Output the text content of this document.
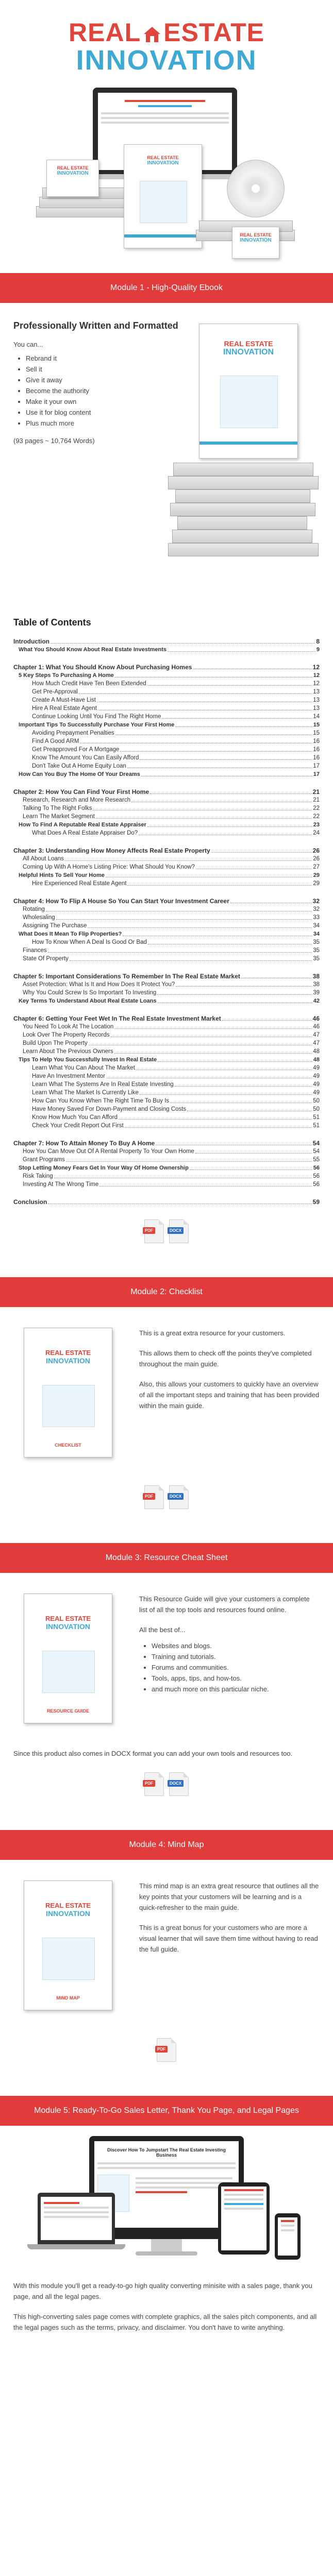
REAL ESTATE
INNOVATION
REAL ESTATE
INNOVATION
REAL ESTATE
INNOVATION
REAL ESTATE
INNOVATION
Module 1 - High-Quality Ebook
Professionally Written and Formatted
You can...
• Rebrand it
• Sell it
• Give it away
• Become the authority
• Make it your own
• Use it for blog content
• Plus much more
(93 pages ~ 10,764 Words)
REAL ESTATE
INNOVATION
Table of Contents
Introduction	8
What You Should Know About Real Estate Investments	9
Chapter 1: What You Should Know About Purchasing Homes	12
5 Key Steps To Purchasing A Home	12
How Much Credit Have Ten Been Extended	12
Get Pre-Approval	13
Create A Must-Have List	13
Hire A Real Estate Agent	13
Continue Looking Until You Find The Right Home	14
Important Tips To Successfully Purchase Your First Home	15
Avoiding Prepayment Penalties	15
Find A Good ARM	16
Get Preapproved For A Mortgage	16
Know The Amount You Can Easily Afford	16
Don't Take Out A Home Equity Loan	17
How Can You Buy The Home Of Your Dreams	17
Chapter 2: How You Can Find Your First Home	21
Research, Research and More Research	21
Talking To The Right Folks	22
Learn The Market Segment	22
How To Find A Reputable Real Estate Appraiser	23
What Does A Real Estate Appraiser Do?	24
Chapter 3: Understanding How Money Affects Real Estate Property	26
All About Loans	26
Coming Up With A Home's Listing Price: What Should You Know?	27
Helpful Hints To Sell Your Home	29
Hire Experienced Real Estate Agent	29
Chapter 4: How To Flip A House So You Can Start Your Investment Career	32
Rotating	32
Wholesaling	33
Assigning The Purchase	34
What Does It Mean To Flip Properties?	34
How To Know When A Deal Is Good Or Bad	35
Finances	35
State Of Property	35
Chapter 5: Important Considerations To Remember In The Real Estate Market	38
Asset Protection: What Is It and How Does It Protect You?	38
Why You Could Screw Is So Important To Investing	39
Key Terms To Understand About Real Estate Loans	42
Chapter 6: Getting Your Feet Wet In The Real Estate Investment Market	46
You Need To Look At The Location	46
Look Over The Property Records	47
Build Upon The Property	47
Learn About The Previous Owners	48
Tips To Help You Successfully Invest In Real Estate	48
Learn What You Can About The Market	49
Have An Investment Mentor	49
Learn What The Systems Are In Real Estate Investing	49
Learn What The Market Is Currently Like	49
How Can You Know When The Right Time To Buy Is	50
Have Money Saved For Down-Payment and Closing Costs	50
Know How Much You Can Afford	51
Check Your Credit Report Out First	51
Chapter 7: How To Attain Money To Buy A Home	54
How You Can Move Out Of A Rental Property To Your Own Home	54
Grant Programs	55
Stop Letting Money Fears Get In Your Way Of Home Ownership	56
Risk Taking	56
Investing At The Wrong Time	56
Conclusion	59
PDF	DOCX
Module 2: Checklist
REAL ESTATE
INNOVATION
CHECKLIST

This is a great extra resource for your customers.

This allows them to check off the points they've completed throughout the main guide.

Also, this allows your customers to quickly have an overview of all the important steps and training that has been provided within the main guide.

PDF	DOCX
Module 3: Resource Cheat Sheet
REAL ESTATE
INNOVATION
RESOURCE GUIDE

This Resource Guide will give your customers a complete list of all the top tools and resources found online.

All the best of...

• Websites and blogs.
• Training and tutorials.
• Forums and communities.
• Tools, apps, tips, and how-tos.
• and much more on this particular niche.
Since this product also comes in DOCX format you can add your own tools and resources too.
PDF	DOCX
Module 4: Mind Map
REAL ESTATE
INNOVATION
MIND MAP

This mind map is an extra great resource that outlines all the key points that your customers will be learning and is a quick-refresher to the main guide.

This is a great bonus for your customers who are more a visual learner that will save them time without having to read the full guide.

PDF
Module 5: Ready-To-Go Sales Letter, Thank You Page, and Legal Pages
Discover How To Jumpstart The Real Estate Investing Business
With this module you'll get a ready-to-go high quality converting minisite with a sales page, thank you page, and all the legal pages.
This high-converting sales page comes with complete graphics, all the sales pitch components, and all the legal pages such as the terms, privacy, and disclaimer. You don't have to write anything.
